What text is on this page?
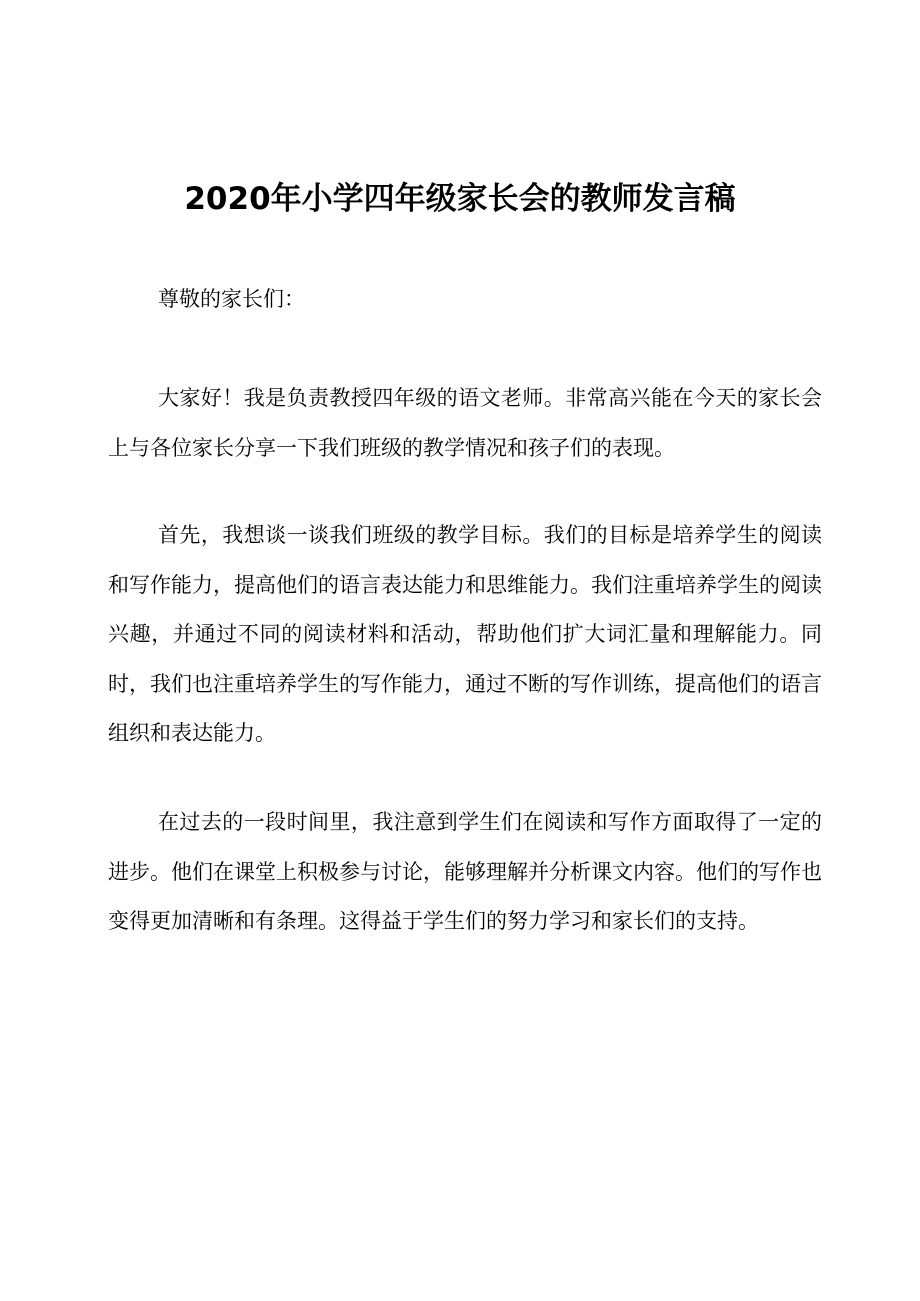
2020年小学四年级家长会的教师发言稿

尊敬的家长们：

大家好！我是负责教授四年级的语文老师。非常高兴能在今天的家长会上与各位家长分享一下我们班级的教学情况和孩子们的表现。

首先，我想谈一谈我们班级的教学目标。我们的目标是培养学生的阅读和写作能力，提高他们的语言表达能力和思维能力。我们注重培养学生的阅读兴趣，并通过不同的阅读材料和活动，帮助他们扩大词汇量和理解能力。同时，我们也注重培养学生的写作能力，通过不断的写作训练，提高他们的语言组织和表达能力。

在过去的一段时间里，我注意到学生们在阅读和写作方面取得了一定的进步。他们在课堂上积极参与讨论，能够理解并分析课文内容。他们的写作也变得更加清晰和有条理。这得益于学生们的努力学习和家长们的支持。
